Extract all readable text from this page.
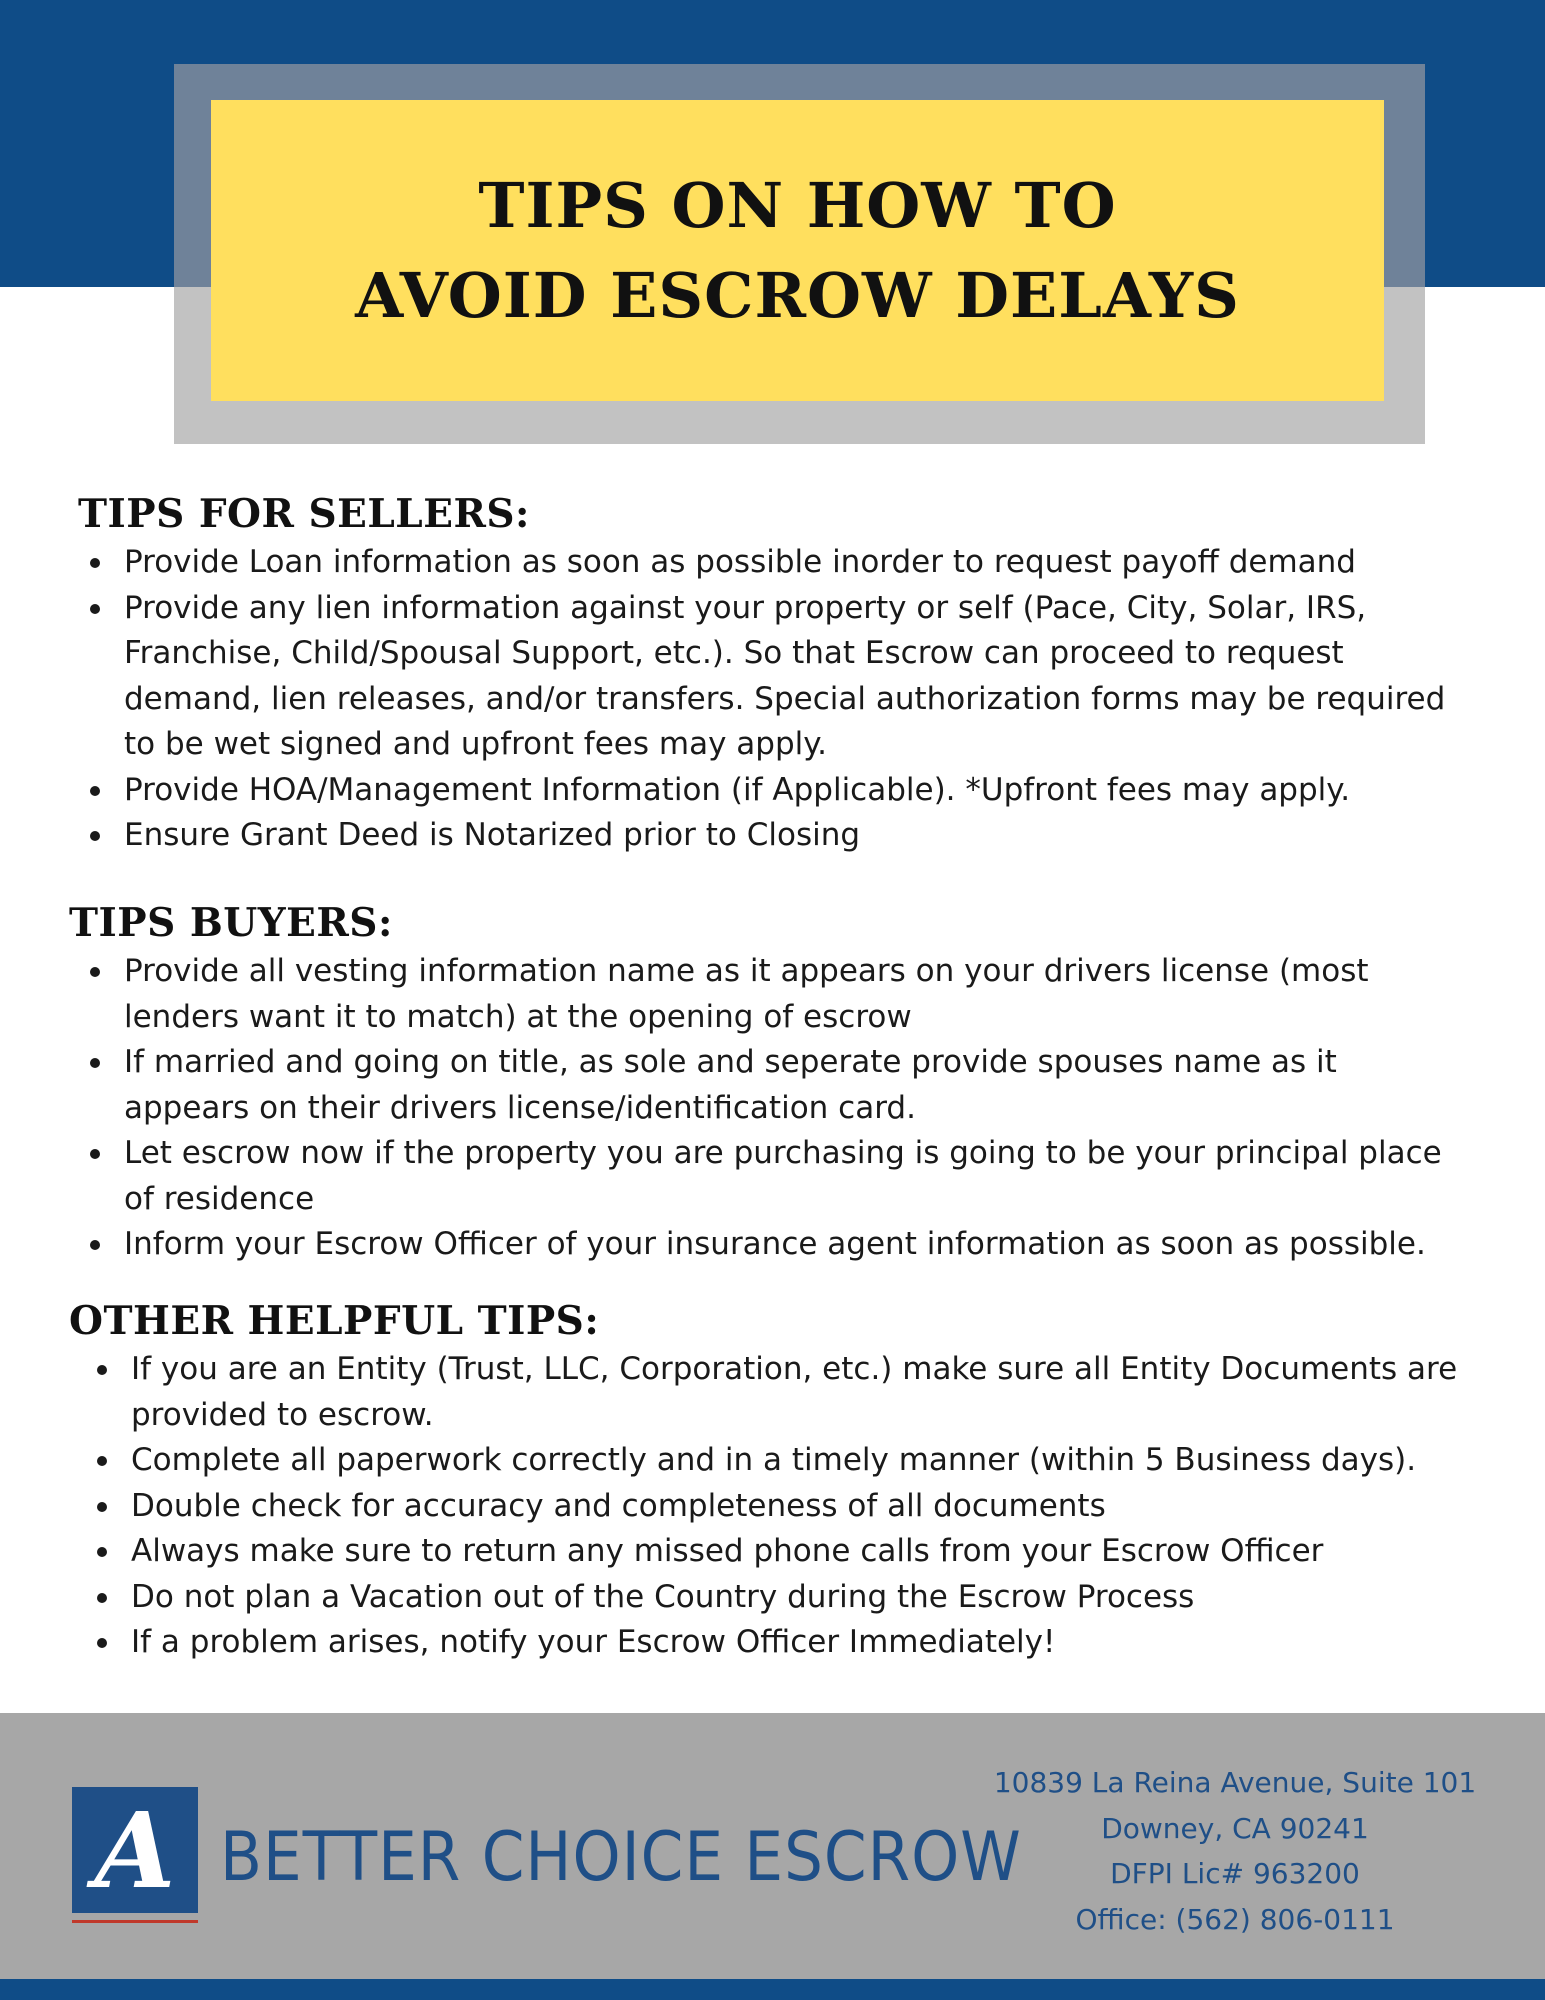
TIPS ON HOW TO
AVOID ESCROW DELAYS
TIPS FOR SELLERS:
Provide Loan information as soon as possible inorder to request payoff demand
Provide any lien information against your property or self (Pace, City, Solar, IRS,
Franchise, Child/Spousal Support, etc.). So that Escrow can proceed to request
demand, lien releases, and/or transfers. Special authorization forms may be required
to be wet signed and upfront fees may apply.
Provide HOA/Management Information (if Applicable). *Upfront fees may apply.
Ensure Grant Deed is Notarized prior to Closing
TIPS BUYERS:
Provide all vesting information name as it appears on your drivers license (most
lenders want it to match) at the opening of escrow
If married and going on title, as sole and seperate provide spouses name as it
appears on their drivers license/identification card.
Let escrow now if the property you are purchasing is going to be your principal place
of residence
Inform your Escrow Officer of your insurance agent information as soon as possible.
OTHER HELPFUL TIPS:
If you are an Entity (Trust, LLC, Corporation, etc.) make sure all Entity Documents are
provided to escrow.
Complete all paperwork correctly and in a timely manner (within 5 Business days).
Double check for accuracy and completeness of all documents
Always make sure to return any missed phone calls from your Escrow Officer
Do not plan a Vacation out of the Country during the Escrow Process
If a problem arises, notify your Escrow Officer Immediately!
A BETTER CHOICE ESCROW
10839 La Reina Avenue, Suite 101
Downey, CA 90241
DFPI Lic# 963200
Office: (562) 806-0111
